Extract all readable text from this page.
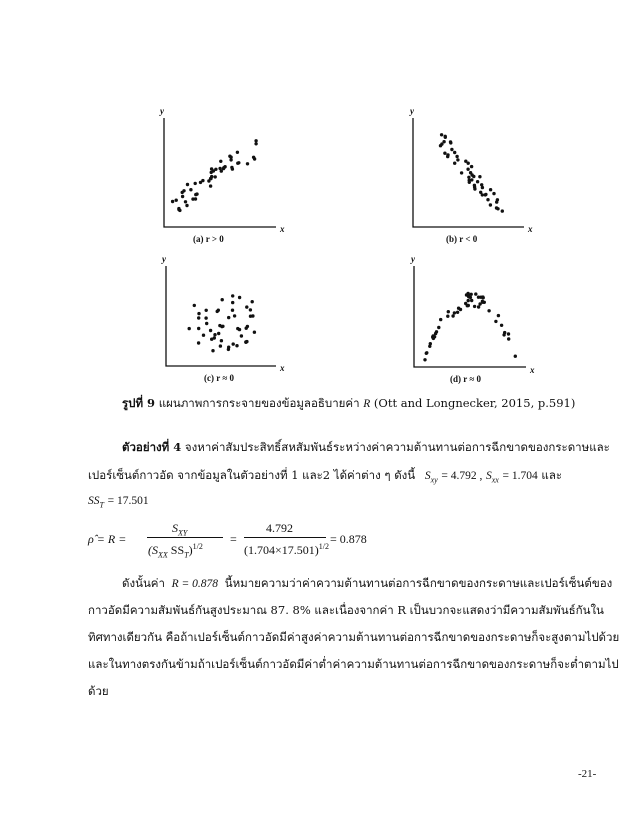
y
x
(a) r > 0
y
x
(b) r < 0
y
x
(c) r ≈ 0
y
x
(d) r ≈ 0
รูปที่ 9 แผนภาพการกระจายของข้อมูลอธิบายค่า R (Ott and Longnecker, 2015, p.591)
ตัวอย่างที่ 4 จงหาค่าสัมประสิทธิ์สหสัมพันธ์ระหว่างค่าความต้านทานต่อการฉีกขาดของกระดาษและ
เปอร์เซ็นต์กาวอัด จากข้อมูลในตัวอย่างที่ 1 และ2 ได้ค่าต่าง ๆ ดังนี้ $S_{xy} = 4.792$ , $S_{xx} = 1.704$ และ
$SS_T = 17.501$
ρ̂ = R =
$S_{XY}$
($S_{XX}$ $SS_T)^{1/2}$
=
4.792
$(1.704\times 17.501)^{1/2}$
= 0.878
ดังนั้นค่า R = 0.878 นี้หมายความว่าค่าความต้านทานต่อการฉีกขาดของกระดาษและเปอร์เซ็นต์ของ
กาวอัดมีความสัมพันธ์กันสูงประมาณ 87. 8% และเนื่องจากค่า R เป็นบวกจะแสดงว่ามีความสัมพันธ์กันใน
ทิศทางเดียวกัน คือถ้าเปอร์เซ็นต์กาวอัดมีค่าสูงค่าความต้านทานต่อการฉีกขาดของกระดาษก็จะสูงตามไปด้วย
และในทางตรงกันข้ามถ้าเปอร์เซ็นต์กาวอัดมีค่าต่ำค่าความต้านทานต่อการฉีกขาดของกระดาษก็จะต่ำตามไป
ด้วย
-21-
